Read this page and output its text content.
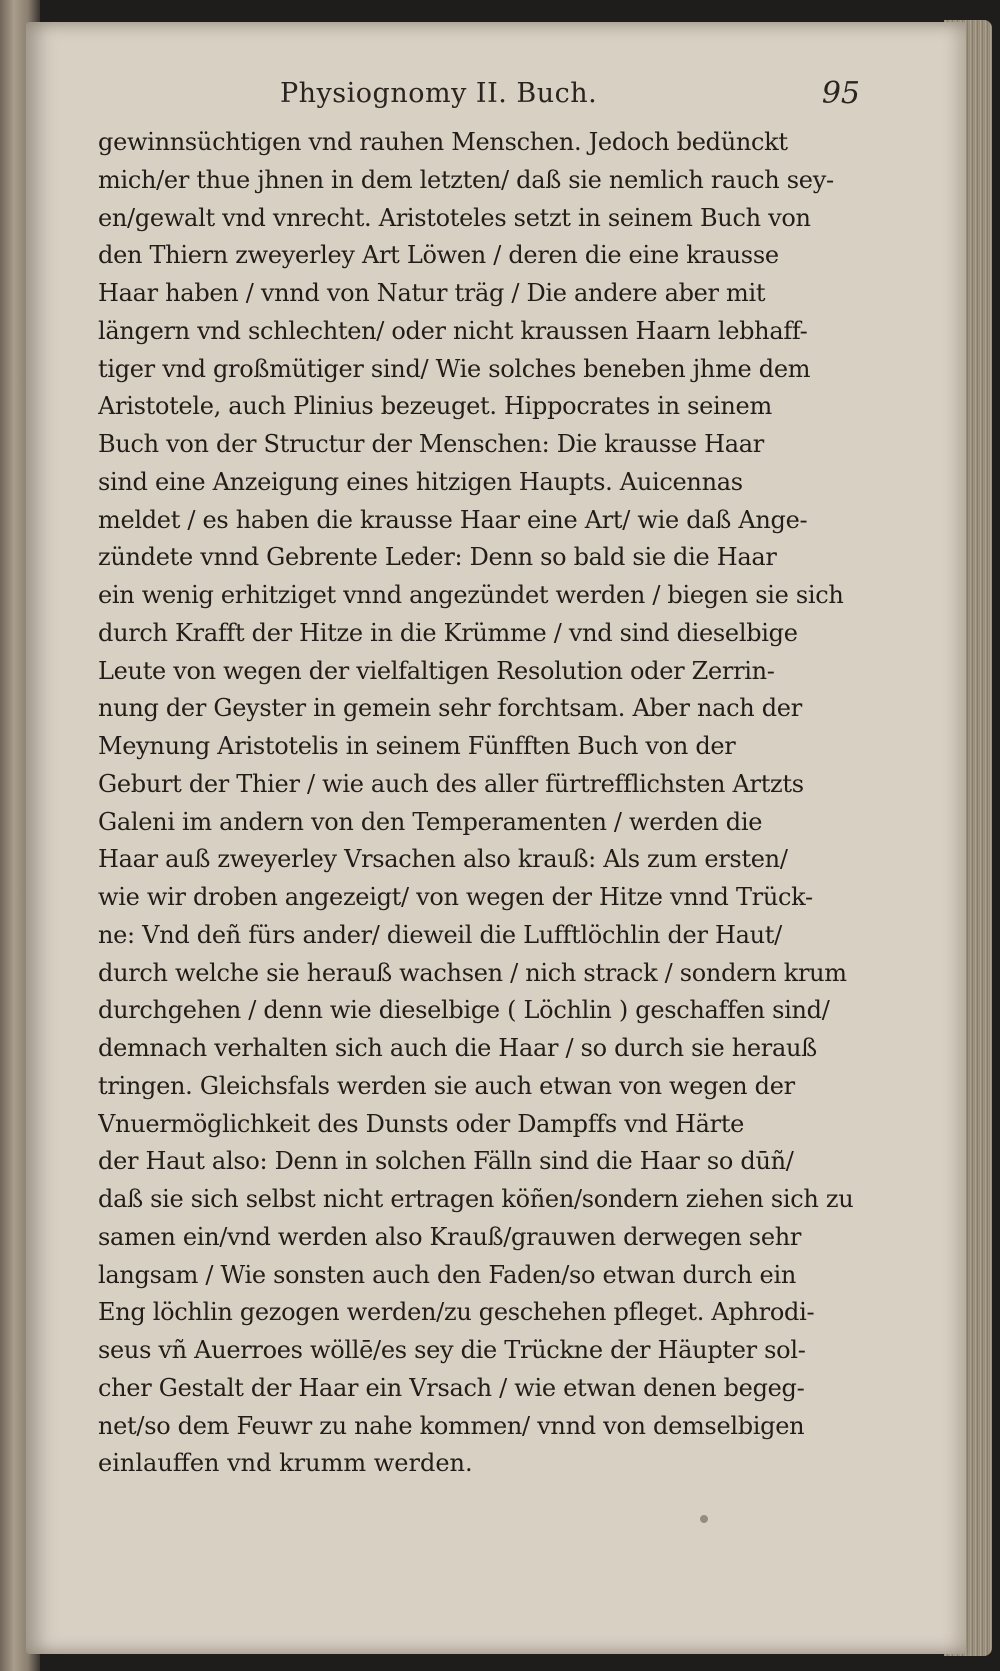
Physiognomy II. Buch.	95
gewinnsüchtigen vnd rauhen Menschen. Jedoch bedünckt
mich/er thue jhnen in dem letzten/ daß sie nemlich rauch sey-
en/gewalt vnd vnrecht. Aristoteles setzt in seinem Buch von
den Thiern zweyerley Art Löwen / deren die eine krausse
Haar haben / vnnd von Natur träg / Die andere aber mit
längern vnd schlechten/ oder nicht kraussen Haarn lebhaff-
tiger vnd großmütiger sind/ Wie solches beneben jhme dem
Aristotele, auch Plinius bezeuget. Hippocrates in seinem
Buch von der Structur der Menschen: Die krausse Haar
sind eine Anzeigung eines hitzigen Haupts. Auicennas
meldet / es haben die krausse Haar eine Art/ wie daß Ange-
zündete vnnd Gebrente Leder: Denn so bald sie die Haar
ein wenig erhitziget vnnd angezündet werden / biegen sie sich
durch Krafft der Hitze in die Krümme / vnd sind dieselbige
Leute von wegen der vielfaltigen Resolution oder Zerrin-
nung der Geyster in gemein sehr forchtsam. Aber nach der
Meynung Aristotelis in seinem Fünfften Buch von der
Geburt der Thier / wie auch des aller fürtrefflichsten Artzts
Galeni im andern von den Temperamenten / werden die
Haar auß zweyerley Vrsachen also krauß: Als zum ersten/
wie wir droben angezeigt/ von wegen der Hitze vnnd Trück-
ne: Vnd deñ fürs ander/ dieweil die Lufftlöchlin der Haut/
durch welche sie herauß wachsen / nich strack / sondern krum
durchgehen / denn wie dieselbige ( Löchlin ) geschaffen sind/
demnach verhalten sich auch die Haar / so durch sie herauß
tringen. Gleichsfals werden sie auch etwan von wegen der
Vnuermöglichkeit des Dunsts oder Dampffs vnd Härte
der Haut also: Denn in solchen Fälln sind die Haar so dūñ/
daß sie sich selbst nicht ertragen köñen/sondern ziehen sich zu
samen ein/vnd werden also Krauß/grauwen derwegen sehr
langsam / Wie sonsten auch den Faden/so etwan durch ein
Eng löchlin gezogen werden/zu geschehen pfleget. Aphrodi-
seus vñ Auerroes wöllē/es sey die Trückne der Häupter sol-
cher Gestalt der Haar ein Vrsach / wie etwan denen begeg-
net/so dem Feuwr zu nahe kommen/ vnnd von demselbigen
einlauffen vnd krumm werden.
